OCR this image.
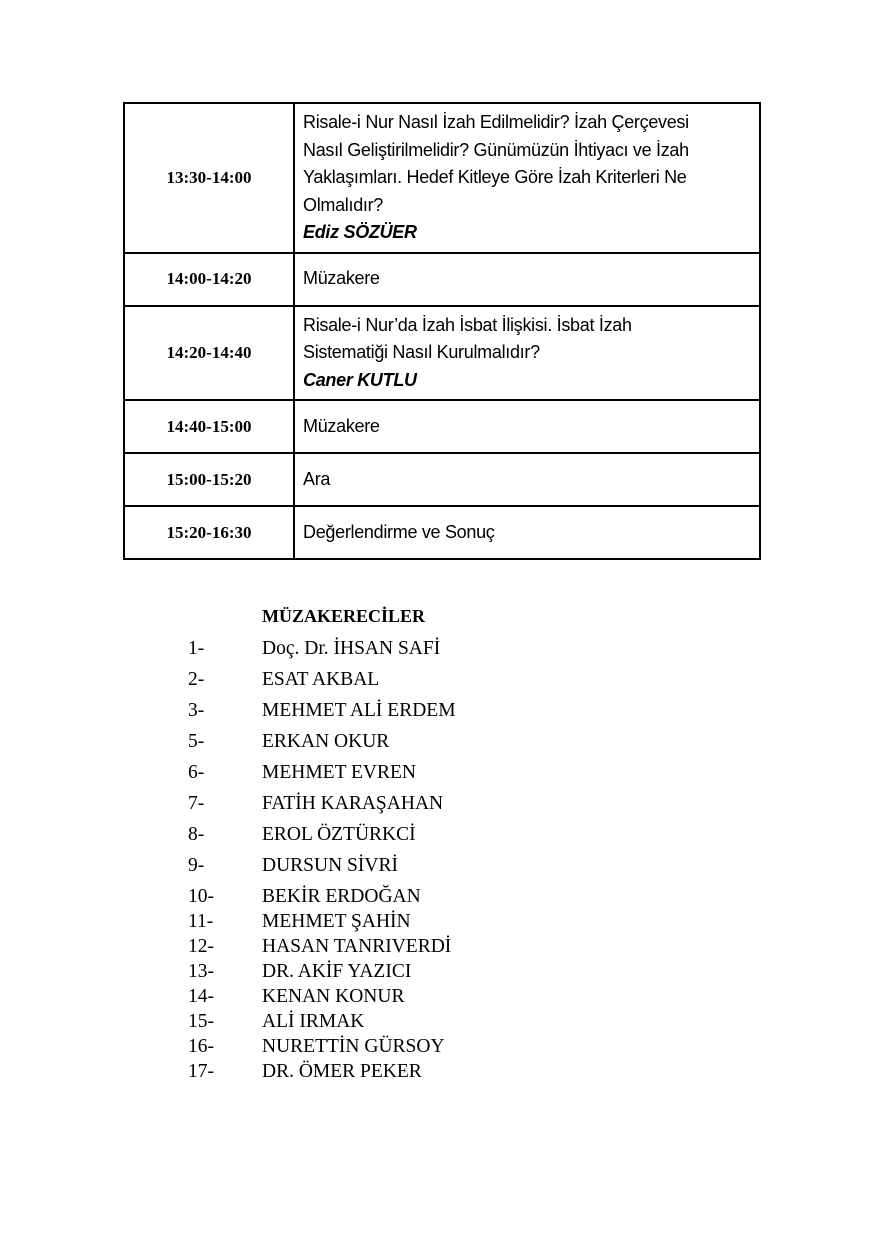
13:30-14:00	Risale-i Nur Nasıl İzah Edilmelidir? İzah Çerçevesi
Nasıl Geliştirilmelidir? Günümüzün İhtiyacı ve İzah
Yaklaşımları. Hedef Kitleye Göre İzah Kriterleri Ne
Olmalıdır?
Ediz SÖZÜER

14:00-14:20	Müzakere

14:20-14:40	Risale-i Nur’da İzah İsbat İlişkisi. İsbat İzah
Sistematiği Nasıl Kurulmalıdır?
Caner KUTLU

14:40-15:00	Müzakere

15:00-15:20	Ara

15:20-16:30	Değerlendirme ve Sonuç
MÜZAKERECİLER
1-	Doç. Dr. İHSAN SAFİ
2-	ESAT AKBAL
3-	MEHMET ALİ ERDEM
5-	ERKAN OKUR
6-	MEHMET EVREN
7-	FATİH KARAŞAHAN
8-	EROL ÖZTÜRKCİ
9-	DURSUN SİVRİ
10- BEKİR ERDOĞAN
11- MEHMET ŞAHİN
12- HASAN TANRIVERDİ
13- DR. AKİF YAZICI
14- KENAN KONUR
15- ALİ IRMAK
16- NURETTİN GÜRSOY
17- DR. ÖMER PEKER
